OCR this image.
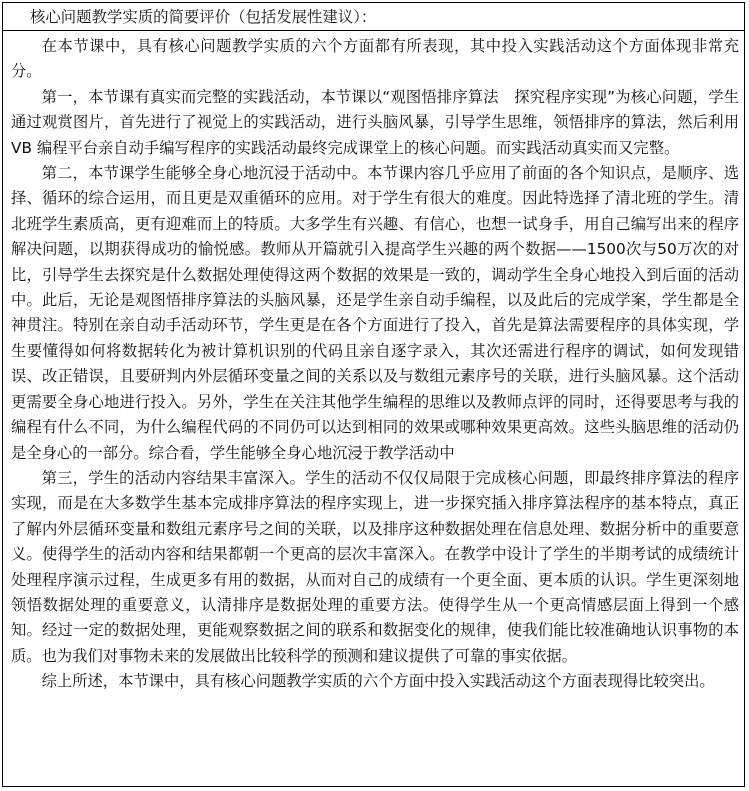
核心问题教学实质的简要评价（包括发展性建议）：

在本节课中，具有核心问题教学实质的六个方面都有所表现，其中投入实践活动这个方面体现非常充分。

第一，本节课有真实而完整的实践活动，本节课以“观图悟排序算法　探究程序实现”为核心问题，学生通过观赏图片，首先进行了视觉上的实践活动，进行头脑风暴，引导学生思维，领悟排序的算法，然后利用 VB 编程平台亲自动手编写程序的实践活动最终完成课堂上的核心问题。而实践活动真实而又完整。

第二，本节课学生能够全身心地沉浸于活动中。本节课内容几乎应用了前面的各个知识点，是顺序、选择、循环的综合运用，而且更是双重循环的应用。对于学生有很大的难度。因此特选择了清北班的学生。清北班学生素质高，更有迎难而上的特质。大多学生有兴趣、有信心，也想一试身手，用自己编写出来的程序解决问题，以期获得成功的愉悦感。教师从开篇就引入提高学生兴趣的两个数据——1500次与50万次的对比，引导学生去探究是什么数据处理使得这两个数据的效果是一致的，调动学生全身心地投入到后面的活动中。此后，无论是观图悟排序算法的头脑风暴，还是学生亲自动手编程，以及此后的完成学案，学生都是全神贯注。特别在亲自动手活动环节，学生更是在各个方面进行了投入，首先是算法需要程序的具体实现，学生要懂得如何将数据转化为被计算机识别的代码且亲自逐字录入，其次还需进行程序的调试，如何发现错误、改正错误，且要研判内外层循环变量之间的关系以及与数组元素序号的关联，进行头脑风暴。这个活动更需要全身心地进行投入。另外，学生在关注其他学生编程的思维以及教师点评的同时，还得要思考与我的编程有什么不同，为什么编程代码的不同仍可以达到相同的效果或哪种效果更高效。这些头脑思维的活动仍是全身心的一部分。综合看，学生能够全身心地沉浸于教学活动中

第三，学生的活动内容结果丰富深入。学生的活动不仅仅局限于完成核心问题，即最终排序算法的程序实现，而是在大多数学生基本完成排序算法的程序实现上，进一步探究插入排序算法程序的基本特点，真正了解内外层循环变量和数组元素序号之间的关联，以及排序这种数据处理在信息处理、数据分析中的重要意义。使得学生的活动内容和结果都朝一个更高的层次丰富深入。在教学中设计了学生的半期考试的成绩统计处理程序演示过程，生成更多有用的数据，从而对自己的成绩有一个更全面、更本质的认识。学生更深刻地领悟数据处理的重要意义，认清排序是数据处理的重要方法。使得学生从一个更高情感层面上得到一个感知。经过一定的数据处理，更能观察数据之间的联系和数据变化的规律，使我们能比较准确地认识事物的本质。也为我们对事物未来的发展做出比较科学的预测和建议提供了可靠的事实依据。

综上所述，本节课中，具有核心问题教学实质的六个方面中投入实践活动这个方面表现得比较突出。
